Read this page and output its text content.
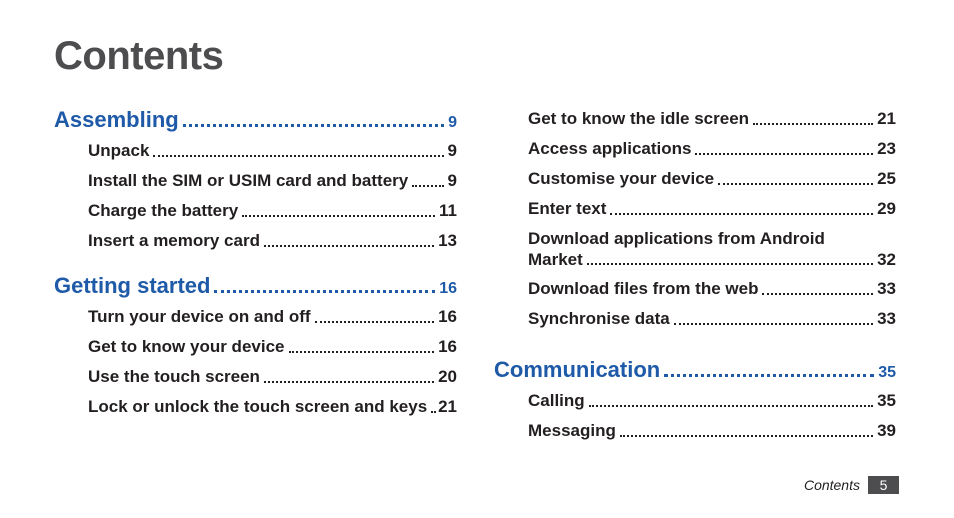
Contents
Assembling	9
Unpack	9
Install the SIM or USIM card and battery 9
Charge the battery	11
Insert a memory card	13
Getting started	16
Turn your device on and off	16
Get to know your device	16
Use the touch screen	20
Lock or unlock the touch screen and keys 21
Get to know the idle screen	21
Access applications	23
Customise your device	25
Enter text	29
Download applications from Android
Market	32
Download files from the web	33
Synchronise data	33
Communication	35
Calling	35
Messaging	39
Contents	5
